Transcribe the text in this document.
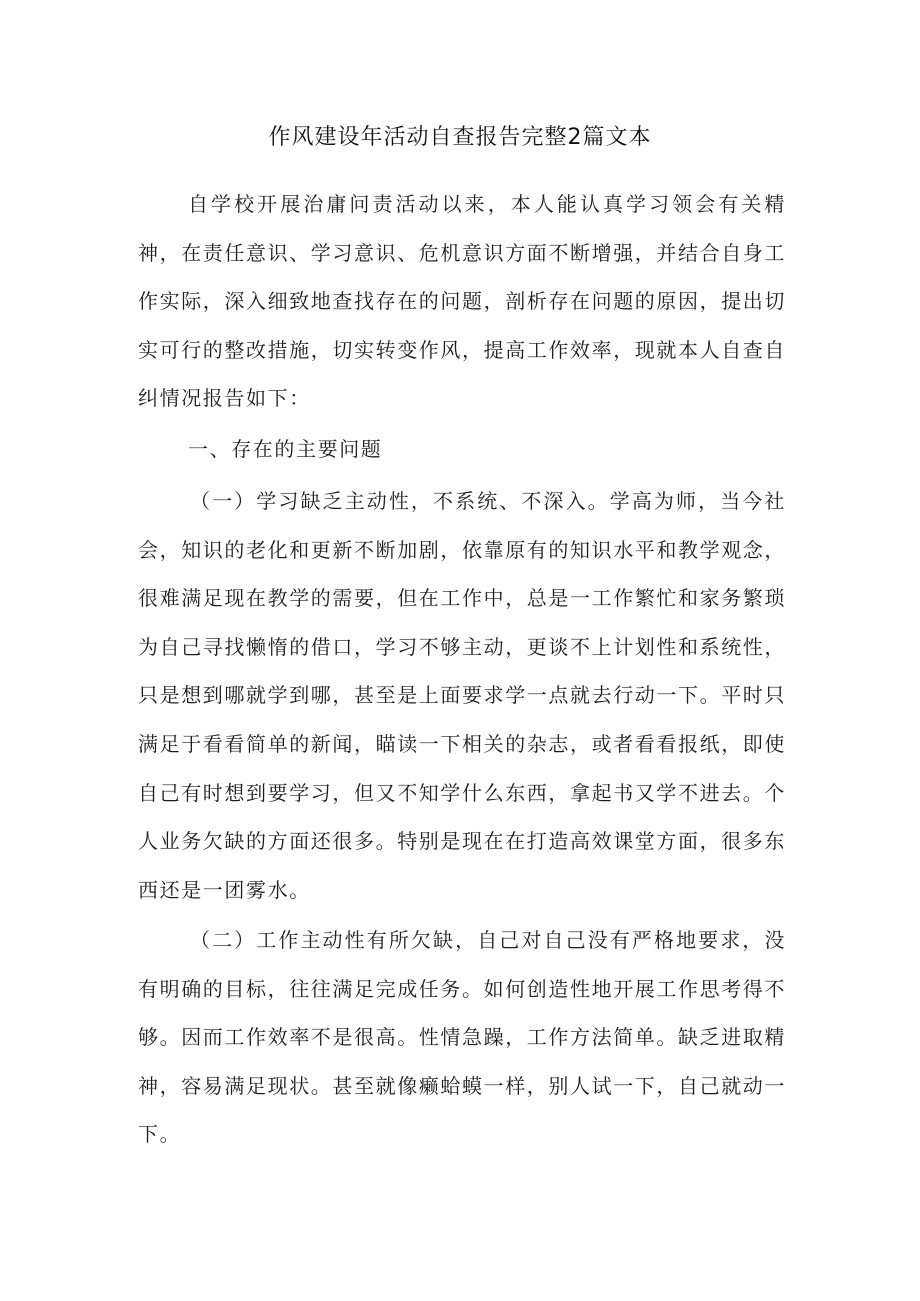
作风建设年活动自查报告完整2篇文本

自学校开展治庸问责活动以来，本人能认真学习领会有关精神，在责任意识、学习意识、危机意识方面不断增强，并结合自身工作实际，深入细致地查找存在的问题，剖析存在问题的原因，提出切实可行的整改措施，切实转变作风，提高工作效率，现就本人自查自纠情况报告如下：

一、存在的主要问题

（一）学习缺乏主动性，不系统、不深入。学高为师，当今社会，知识的老化和更新不断加剧，依靠原有的知识水平和教学观念，很难满足现在教学的需要，但在工作中，总是一工作繁忙和家务繁琐为自己寻找懒惰的借口，学习不够主动，更谈不上计划性和系统性，只是想到哪就学到哪，甚至是上面要求学一点就去行动一下。平时只满足于看看简单的新闻，瞄读一下相关的杂志，或者看看报纸，即使自己有时想到要学习，但又不知学什么东西，拿起书又学不进去。个人业务欠缺的方面还很多。特别是现在在打造高效课堂方面，很多东西还是一团雾水。

（二）工作主动性有所欠缺，自己对自己没有严格地要求，没有明确的目标，往往满足完成任务。如何创造性地开展工作思考得不够。因而工作效率不是很高。性情急躁，工作方法简单。缺乏进取精神，容易满足现状。甚至就像癞蛤蟆一样，别人试一下，自己就动一下。
